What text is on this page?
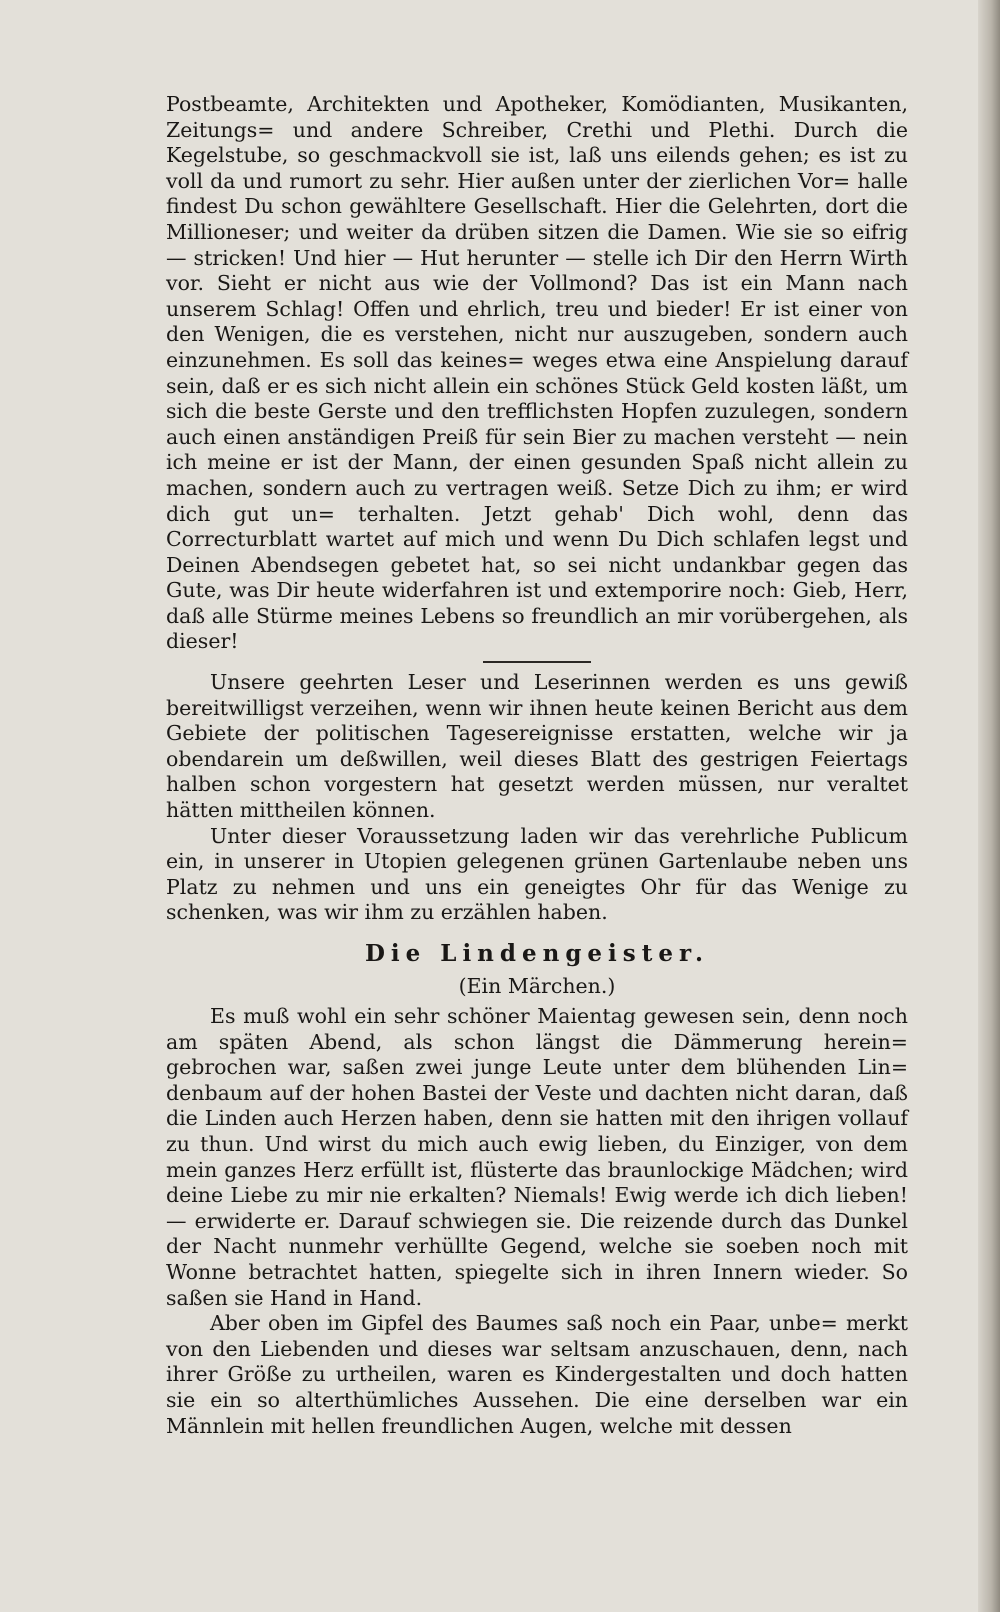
Postbeamte, Architekten und Apotheker, Komödianten, Musikanten, Zeitungs= und andere Schreiber, Crethi und Plethi. Durch die Kegelstube, so geschmackvoll sie ist, laß uns eilends gehen; es ist zu voll da und rumort zu sehr. Hier außen unter der zierlichen Vor= halle findest Du schon gewähltere Gesellschaft. Hier die Gelehrten, dort die Millioneser; und weiter da drüben sitzen die Damen. Wie sie so eifrig — stricken! Und hier — Hut herunter — stelle ich Dir den Herrn Wirth vor. Sieht er nicht aus wie der Vollmond? Das ist ein Mann nach unserem Schlag! Offen und ehrlich, treu und bieder! Er ist einer von den Wenigen, die es verstehen, nicht nur auszugeben, sondern auch einzunehmen. Es soll das keines= weges etwa eine Anspielung darauf sein, daß er es sich nicht allein ein schönes Stück Geld kosten läßt, um sich die beste Gerste und den trefflichsten Hopfen zuzulegen, sondern auch einen anständigen Preiß für sein Bier zu machen versteht — nein ich meine er ist der Mann, der einen gesunden Spaß nicht allein zu machen, sondern auch zu vertragen weiß. Setze Dich zu ihm; er wird dich gut un= terhalten. Jetzt gehab' Dich wohl, denn das Correcturblatt wartet auf mich und wenn Du Dich schlafen legst und Deinen Abendsegen gebetet hat, so sei nicht undankbar gegen das Gute, was Dir heute widerfahren ist und extemporire noch: Gieb, Herr, daß alle Stürme meines Lebens so freundlich an mir vorübergehen, als dieser!

Unsere geehrten Leser und Leserinnen werden es uns gewiß bereitwilligst verzeihen, wenn wir ihnen heute keinen Bericht aus dem Gebiete der politischen Tagesereignisse erstatten, welche wir ja obendarein um deßwillen, weil dieses Blatt des gestrigen Feiertags halben schon vorgestern hat gesetzt werden müssen, nur veraltet hätten mittheilen können.

Unter dieser Voraussetzung laden wir das verehrliche Publicum ein, in unserer in Utopien gelegenen grünen Gartenlaube neben uns Platz zu nehmen und uns ein geneigtes Ohr für das Wenige zu schenken, was wir ihm zu erzählen haben.

Die Lindengeister.
(Ein Märchen.)

Es muß wohl ein sehr schöner Maientag gewesen sein, denn noch am späten Abend, als schon längst die Dämmerung herein= gebrochen war, saßen zwei junge Leute unter dem blühenden Lin= denbaum auf der hohen Bastei der Veste und dachten nicht daran, daß die Linden auch Herzen haben, denn sie hatten mit den ihrigen vollauf zu thun. Und wirst du mich auch ewig lieben, du Einziger, von dem mein ganzes Herz erfüllt ist, flüsterte das braunlockige Mädchen; wird deine Liebe zu mir nie erkalten? Niemals! Ewig werde ich dich lieben! — erwiderte er. Darauf schwiegen sie. Die reizende durch das Dunkel der Nacht nunmehr verhüllte Gegend, welche sie soeben noch mit Wonne betrachtet hatten, spiegelte sich in ihren Innern wieder. So saßen sie Hand in Hand.

Aber oben im Gipfel des Baumes saß noch ein Paar, unbe= merkt von den Liebenden und dieses war seltsam anzuschauen, denn, nach ihrer Größe zu urtheilen, waren es Kindergestalten und doch hatten sie ein so alterthümliches Aussehen. Die eine derselben war ein Männlein mit hellen freundlichen Augen, welche mit dessen
